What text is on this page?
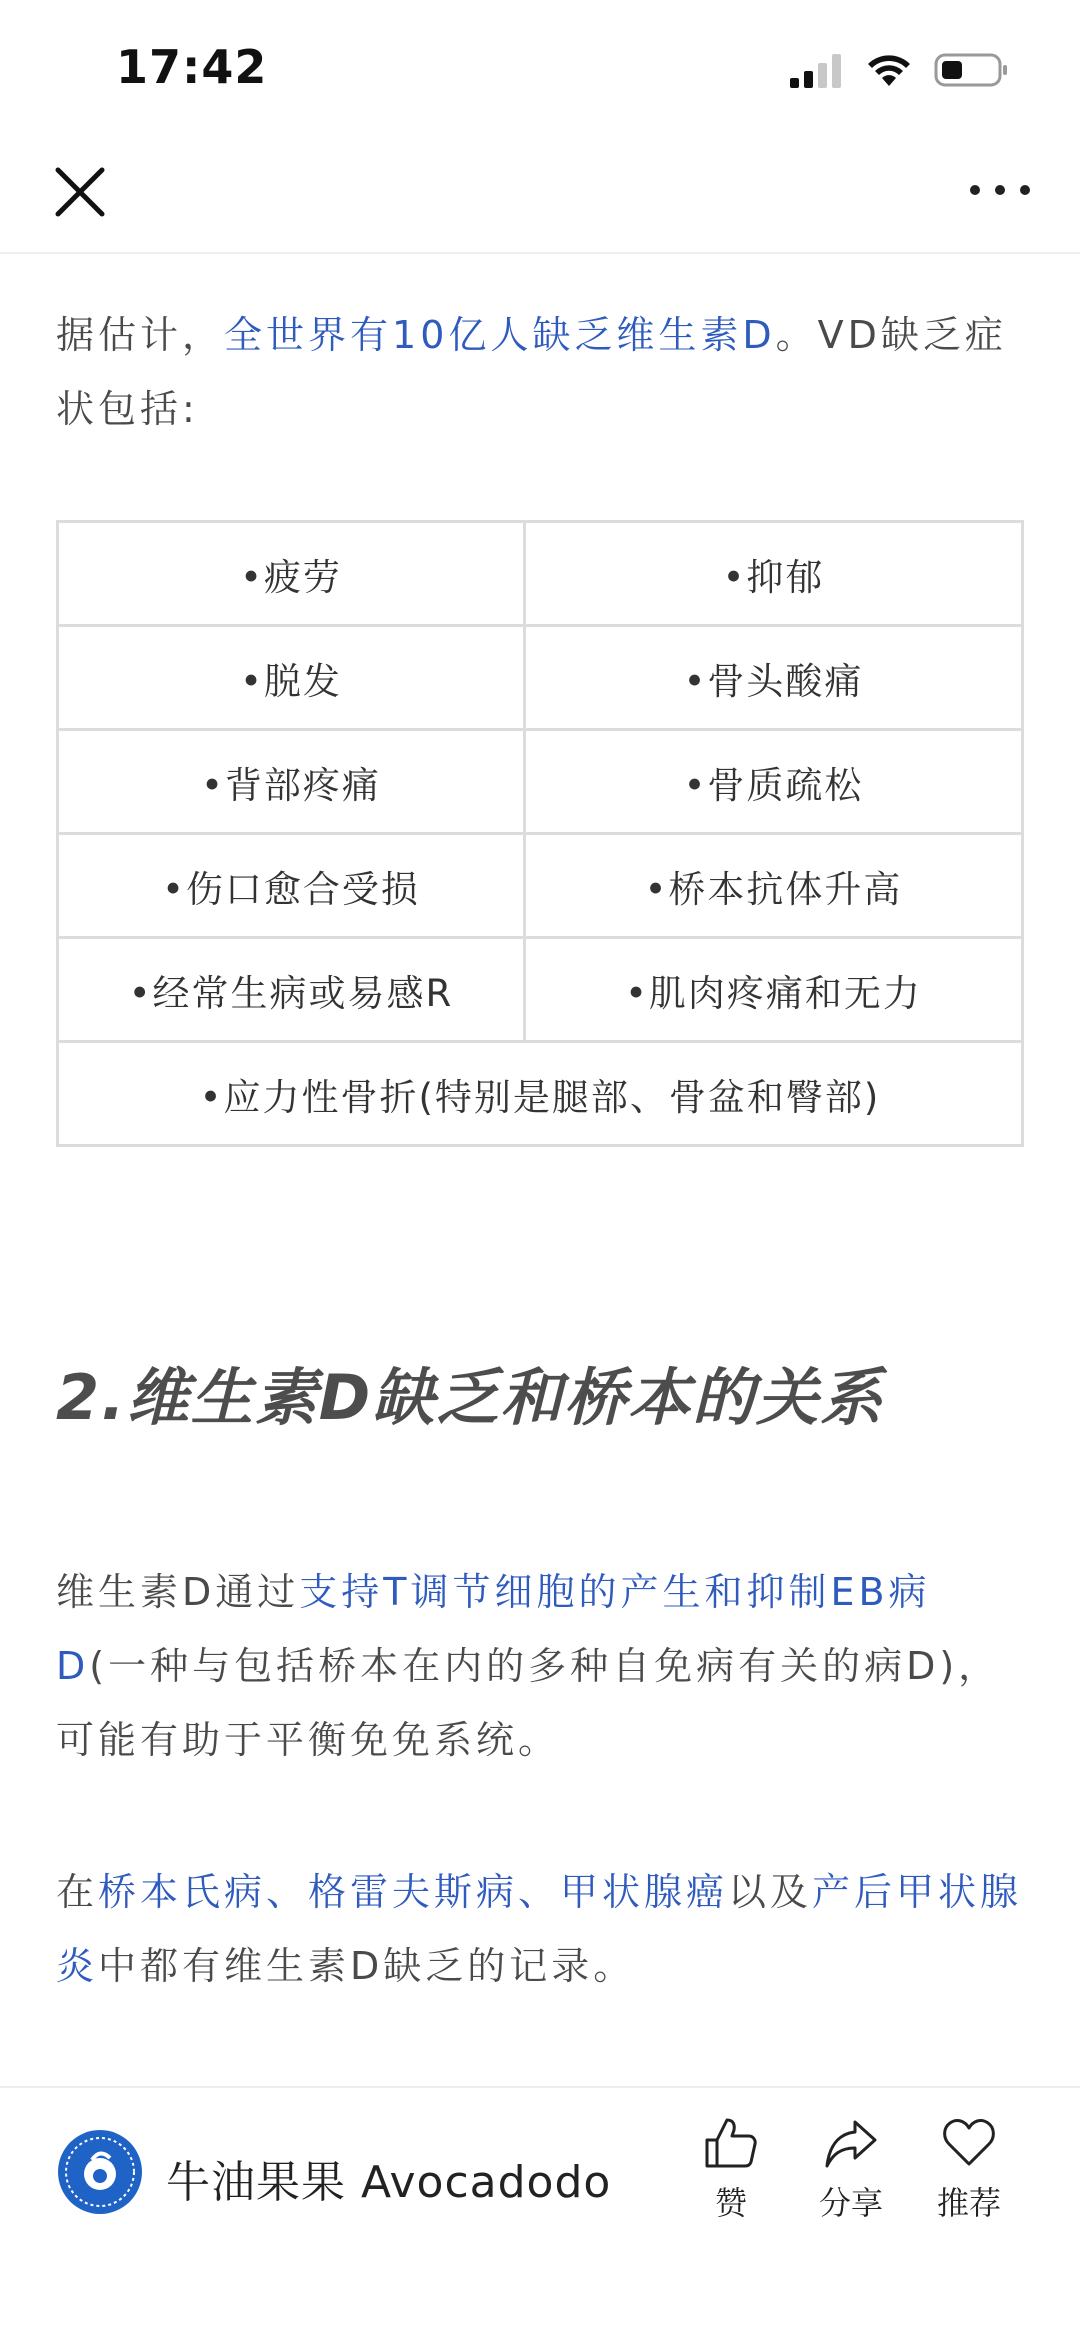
17:42

据估计，全世界有10亿人缺乏维生素D。VD缺乏症状包括:

•疲劳	•抑郁
•脱发	•骨头酸痛
•背部疼痛	•骨质疏松
•伤口愈合受损	•桥本抗体升高
•经常生病或易感R	•肌肉疼痛和无力
•应力性骨折(特别是腿部、骨盆和臀部)	
2.维生素D缺乏和桥本的关系

维生素D通过支持T调节细胞的产生和抑制EB病D(一种与包括桥本在内的多种自免病有关的病D)，可能有助于平衡免免系统。

在桥本氏病、格雷夫斯病、甲状腺癌以及产后甲状腺炎中都有维生素D缺乏的记录。

牛油果果 Avocadodo	赞	分享	推荐
